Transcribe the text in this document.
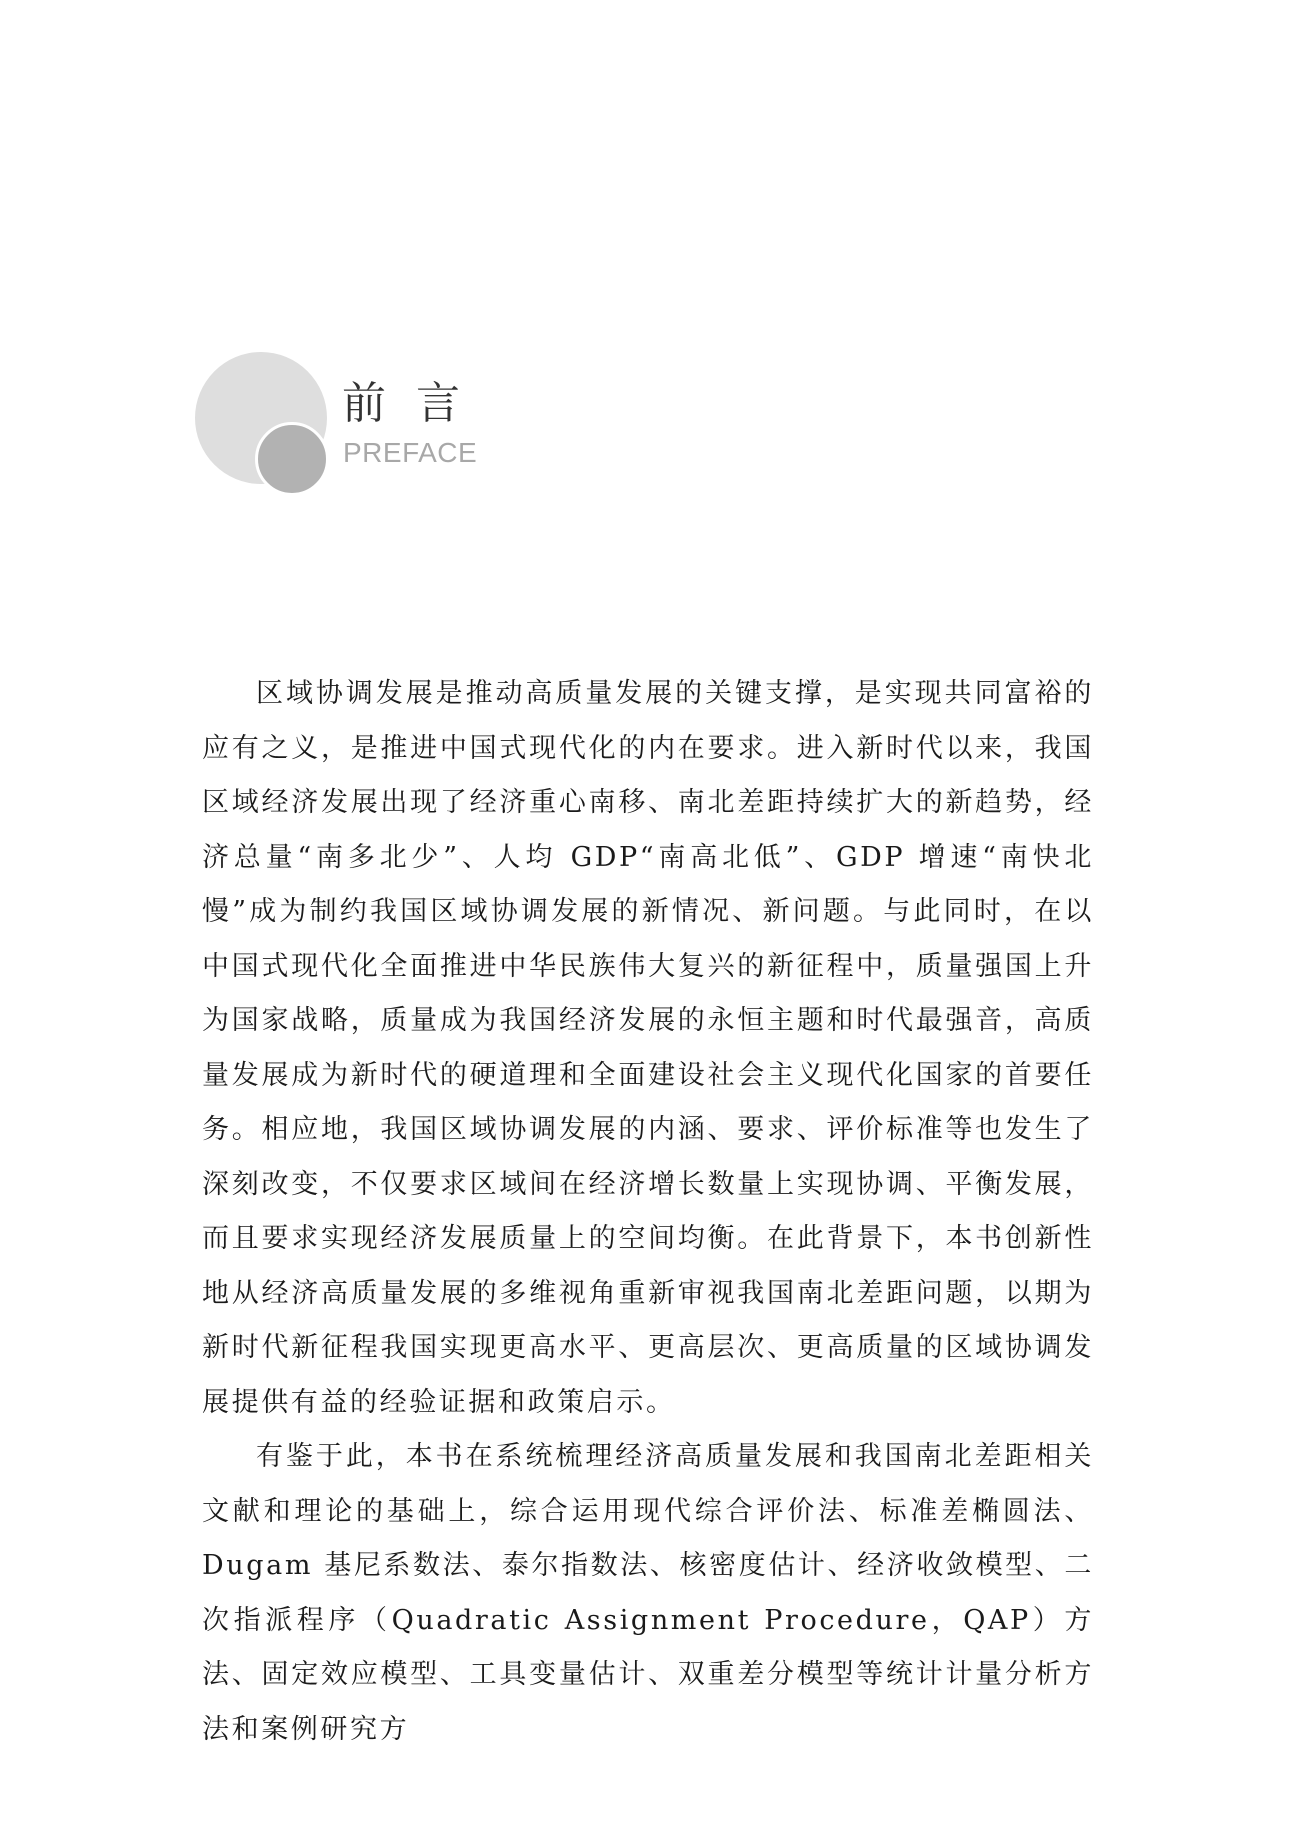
前言
PREFACE

区域协调发展是推动高质量发展的关键支撑，是实现共同富裕的应有之义，是推进中国式现代化的内在要求。进入新时代以来，我国区域经济发展出现了经济重心南移、南北差距持续扩大的新趋势，经济总量“南多北少”、人均 GDP“南高北低”、GDP 增速“南快北慢”成为制约我国区域协调发展的新情况、新问题。与此同时，在以中国式现代化全面推进中华民族伟大复兴的新征程中，质量强国上升为国家战略，质量成为我国经济发展的永恒主题和时代最强音，高质量发展成为新时代的硬道理和全面建设社会主义现代化国家的首要任务。相应地，我国区域协调发展的内涵、要求、评价标准等也发生了深刻改变，不仅要求区域间在经济增长数量上实现协调、平衡发展，而且要求实现经济发展质量上的空间均衡。在此背景下，本书创新性地从经济高质量发展的多维视角重新审视我国南北差距问题，以期为新时代新征程我国实现更高水平、更高层次、更高质量的区域协调发展提供有益的经验证据和政策启示。

有鉴于此，本书在系统梳理经济高质量发展和我国南北差距相关文献和理论的基础上，综合运用现代综合评价法、标准差椭圆法、Dugam 基尼系数法、泰尔指数法、核密度估计、经济收敛模型、二次指派程序（Quadratic Assignment Procedure，QAP）方法、固定效应模型、工具变量估计、双重差分模型等统计计量分析方法和案例研究方
